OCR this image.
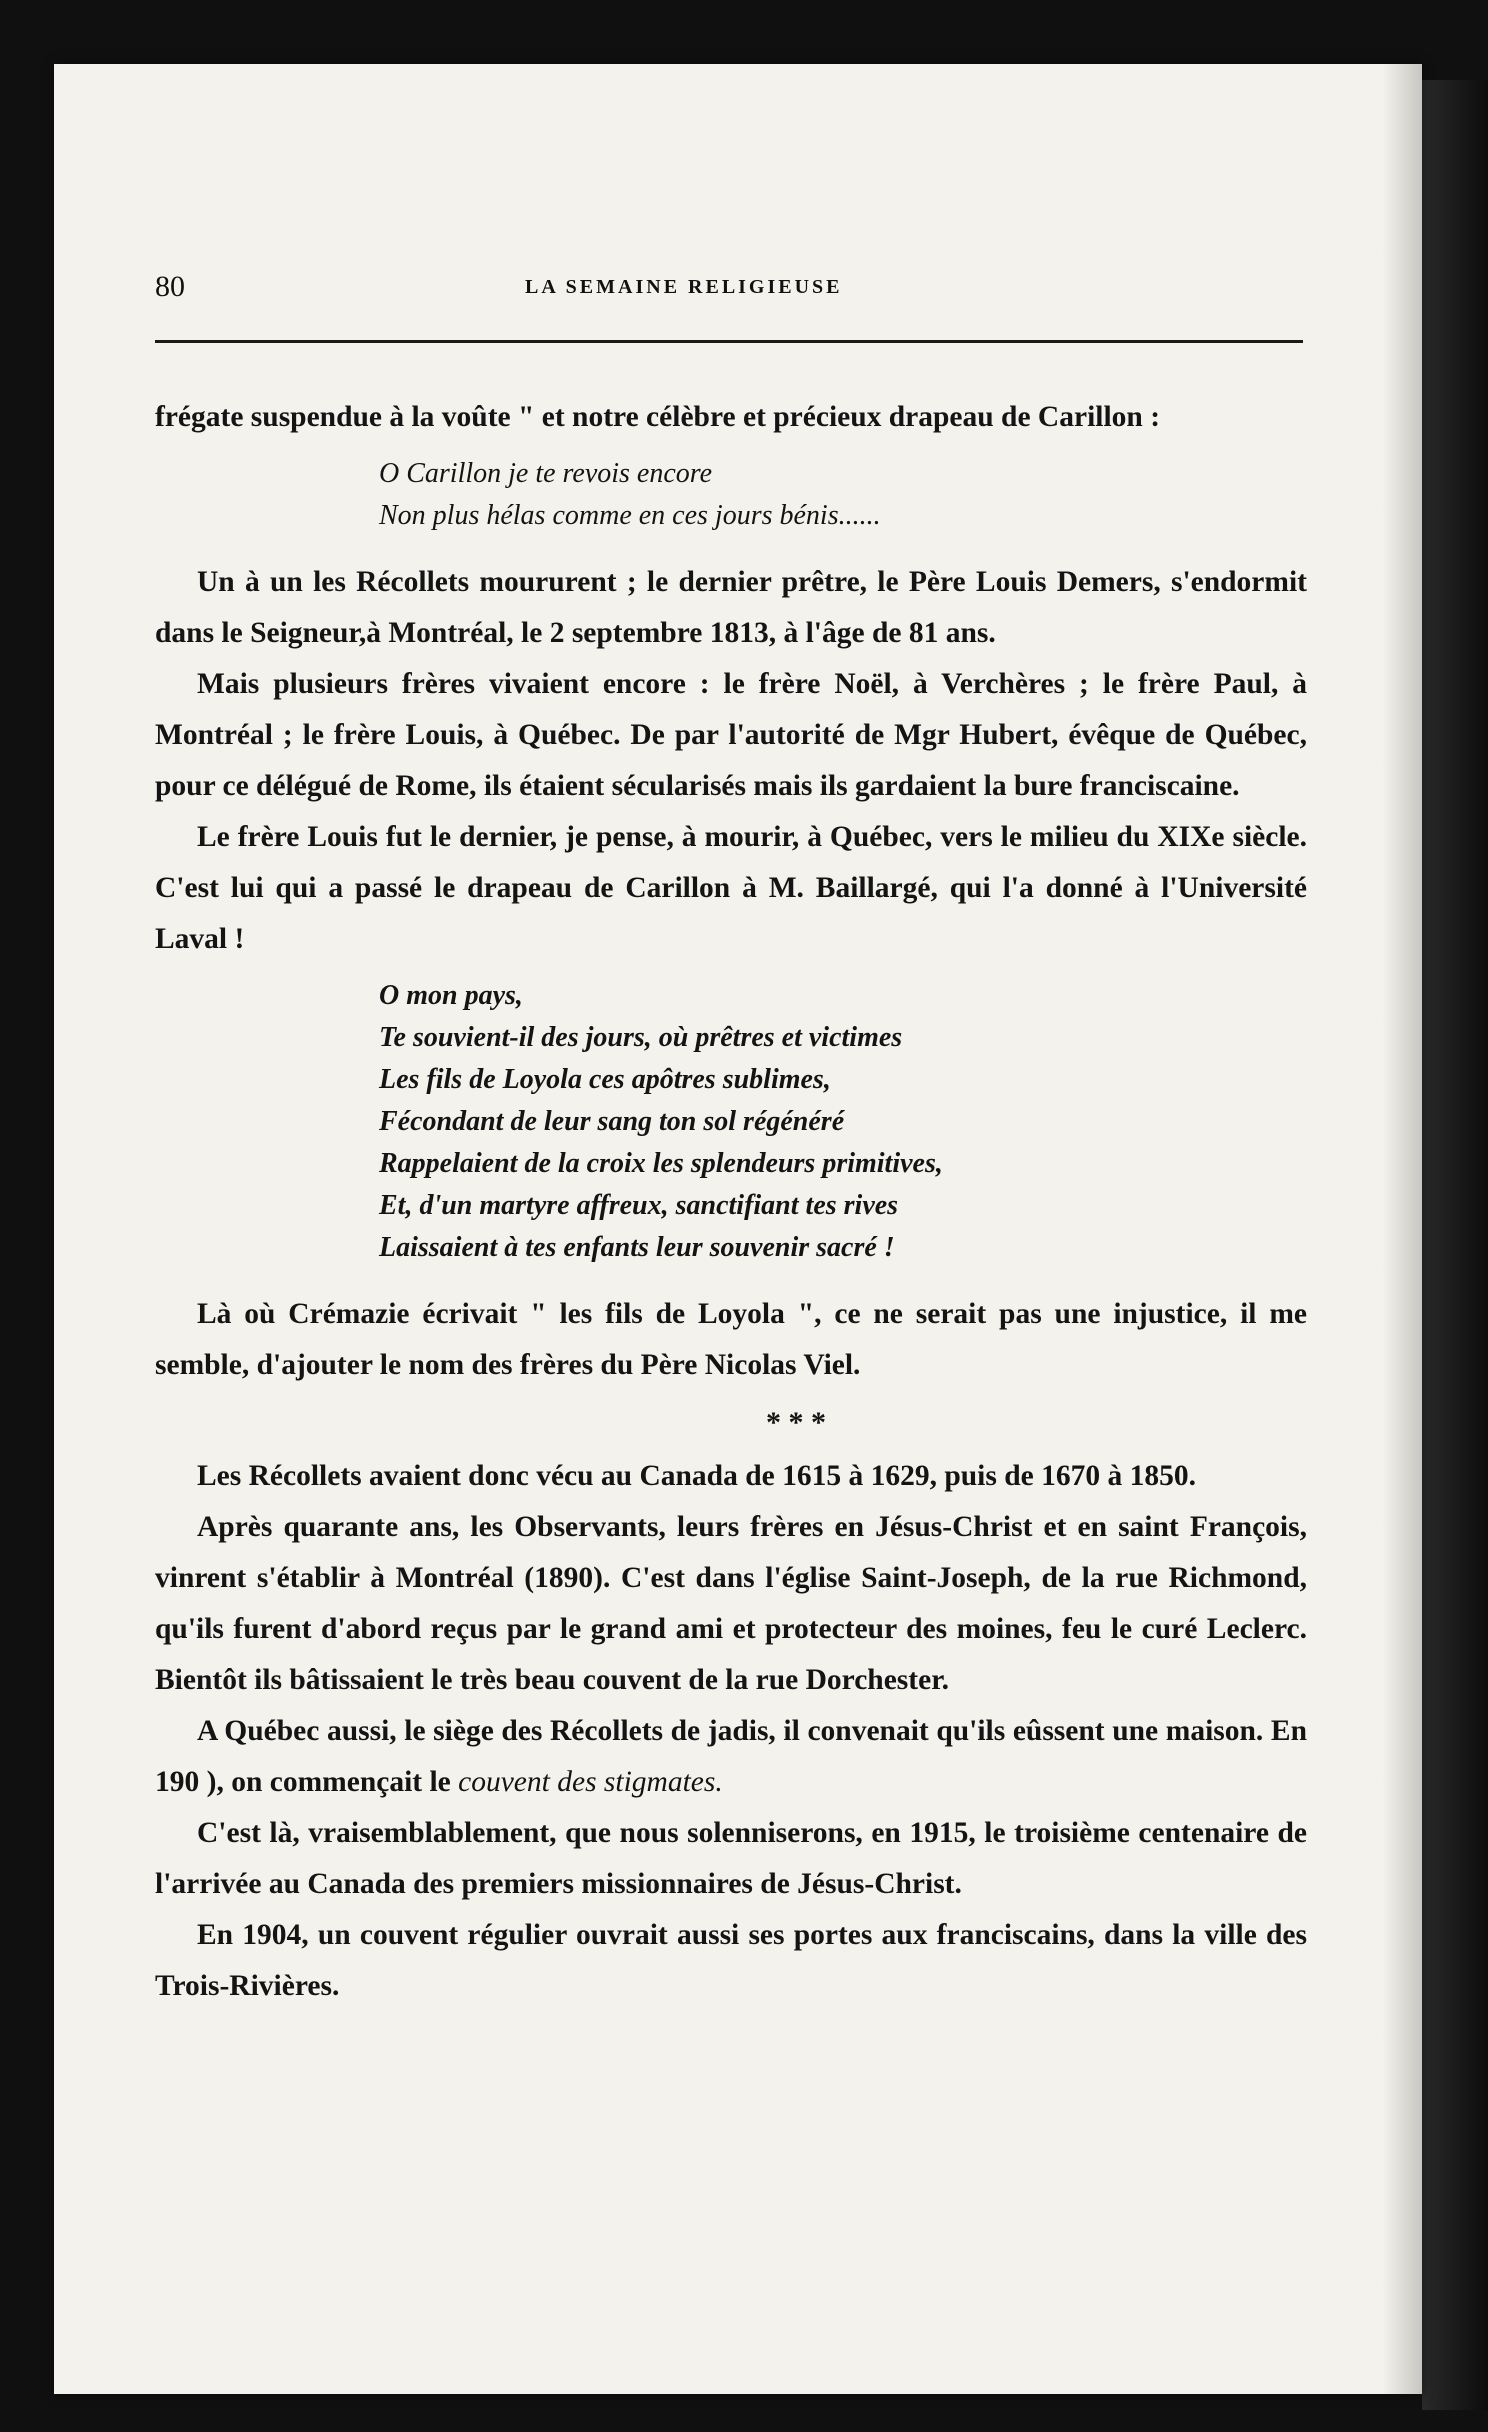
80	LA SEMAINE RELIGIEUSE

frégate suspendue à la voûte " et notre célèbre et précieux drapeau de Carillon :

O Carillon je te revois encore
Non plus hélas comme en ces jours bénis......

Un à un les Récollets moururent ; le dernier prêtre, le Père Louis Demers, s'endormit dans le Seigneur,à Montréal, le 2 septembre 1813, à l'âge de 81 ans.

Mais plusieurs frères vivaient encore : le frère Noël, à Verchères ; le frère Paul, à Montréal ; le frère Louis, à Québec. De par l'autorité de Mgr Hubert, évêque de Québec, pour ce délégué de Rome, ils étaient sécularisés mais ils gardaient la bure franciscaine.

Le frère Louis fut le dernier, je pense, à mourir, à Québec, vers le milieu du XIXe siècle. C'est lui qui a passé le drapeau de Carillon à M. Baillargé, qui l'a donné à l'Université Laval !

O mon pays,
Te souvient-il des jours, où prêtres et victimes
Les fils de Loyola ces apôtres sublimes,
Fécondant de leur sang ton sol régénéré
Rappelaient de la croix les splendeurs primitives,
Et, d'un martyre affreux, sanctifiant tes rives
Laissaient à tes enfants leur souvenir sacré !

Là où Crémazie écrivait " les fils de Loyola ", ce ne serait pas une injustice, il me semble, d'ajouter le nom des frères du Père Nicolas Viel.

* * *

Les Récollets avaient donc vécu au Canada de 1615 à 1629, puis de 1670 à 1850.

Après quarante ans, les Observants, leurs frères en Jésus-Christ et en saint François, vinrent s'établir à Montréal (1890). C'est dans l'église Saint-Joseph, de la rue Richmond, qu'ils furent d'abord reçus par le grand ami et protecteur des moines, feu le curé Leclerc. Bientôt ils bâtissaient le très beau couvent de la rue Dorchester.

A Québec aussi, le siège des Récollets de jadis, il convenait qu'ils eûssent une maison. En 190 ), on commençait le couvent des stigmates.

C'est là, vraisemblablement, que nous solenniserons, en 1915, le troisième centenaire de l'arrivée au Canada des premiers missionnaires de Jésus-Christ.

En 1904, un couvent régulier ouvrait aussi ses portes aux franciscains, dans la ville des Trois-Rivières.
